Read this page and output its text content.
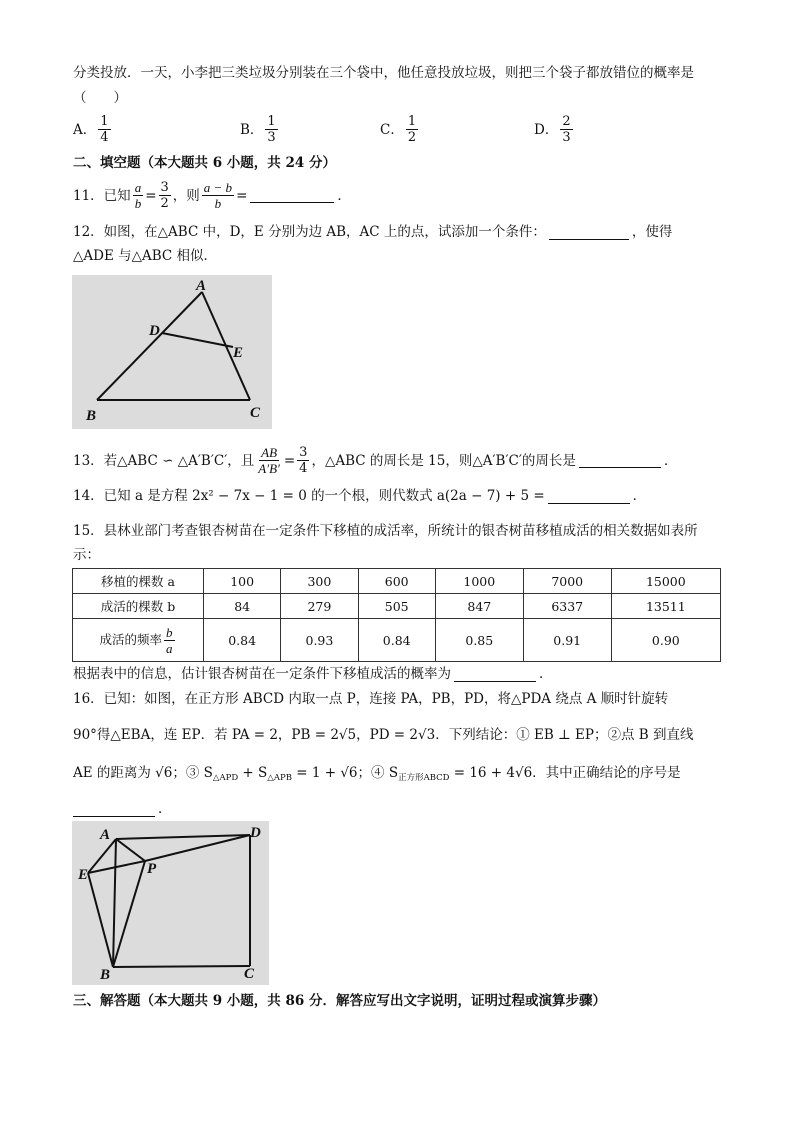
分类投放．一天，小李把三类垃圾分别装在三个袋中，他任意投放垃圾，则把三个袋子都放错位的概率是
（　　）
A． $\frac{1}{4}$	B． $\frac{1}{3}$	C． $\frac{1}{2}$	D． $\frac{2}{3}$
二、填空题（本大题共 6 小题，共 24 分）
11．已知 $\frac{a}{b} = \frac{3}{2}$ ，则 $\frac{a - b}{b}$ =	．
12．如图，在△ABC 中，D，E 分别为边 AB，AC 上的点，试添加一个条件：	，使得
△ADE 与△ABC 相似．
A
D
E
B	C
13．若△ABC ∽ △A′B′C′，且 $\frac{AB}{A'B'} = \frac{3}{4}$ ，△ABC 的周长是 15，则△A′B′C′的周长是	．
14．已知 a 是方程 2x² − 7x − 1 = 0 的一个根，则代数式 a(2a − 7) + 5 =	．
15．县林业部门考查银杏树苗在一定条件下移植的成活率，所统计的银杏树苗移植成活的相关数据如表所
示：
移植的棵数 a	100	300	600	1000	7000	15000
成活的棵数 b	84	279	505	847	6337	13511
成活的频率 $\frac{b}{a}$	0.84	0.93	0.84	0.85	0.91	0.90
根据表中的信息，估计银杏树苗在一定条件下移植成活的概率为	．
16．已知：如图，在正方形 ABCD 内取一点 P，连接 PA，PB，PD，将△PDA 绕点 A 顺时针旋转
90°得△EBA，连 EP．若 PA = 2，PB = 2√5，PD = 2√3．下列结论：① EB ⊥ EP；②点 B 到直线
AE 的距离为 √6；③ $S_{\triangle APD} + S_{\triangle APB} = 1 + √6$；④ $S_{正方形ABCD} = 16 + 4√6$．其中正确结论的序号是
．
A	D
E	P
B	C
三、解答题（本大题共 9 小题，共 86 分．解答应写出文字说明，证明过程或演算步骤）
